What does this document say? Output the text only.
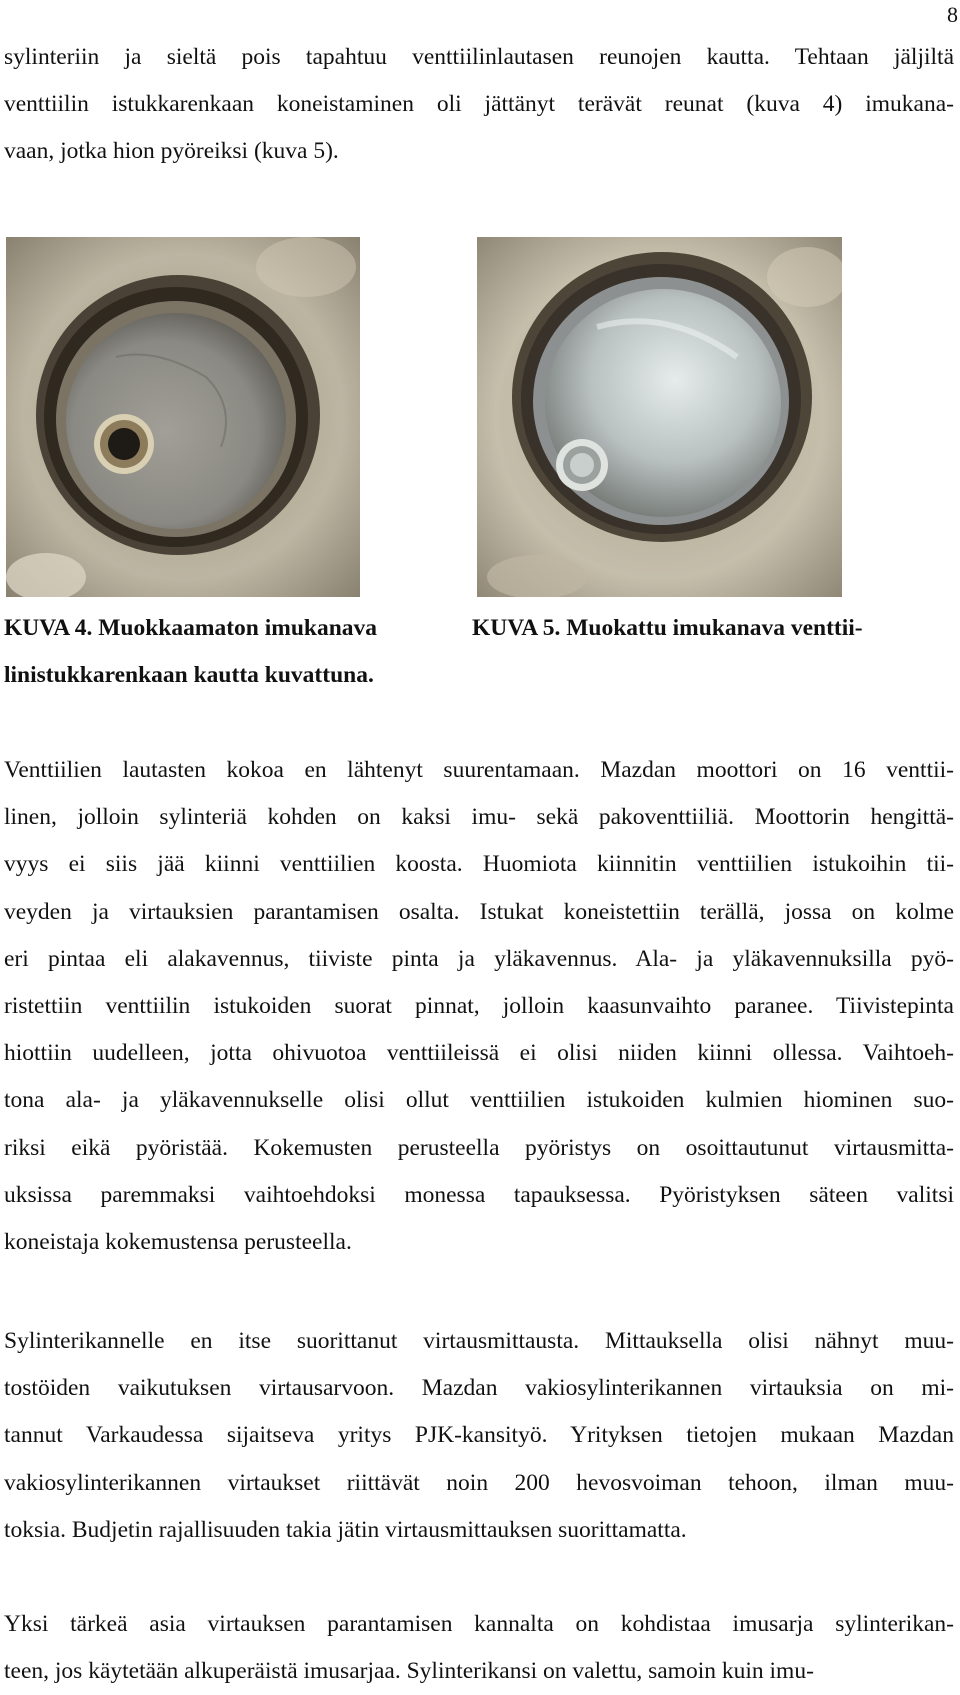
8
sylinteriin ja sieltä pois tapahtuu venttiilinlautasen reunojen kautta. Tehtaan jäljiltä
venttiilin istukkarenkaan koneistaminen oli jättänyt terävät reunat (kuva 4) imukana-
vaan, jotka hion pyöreiksi (kuva 5).
KUVA 4. Muokkaamaton imukanava	KUVA 5. Muokattu imukanava venttii-
linistukkarenkaan kautta kuvattuna.
Venttiilien lautasten kokoa en lähtenyt suurentamaan. Mazdan moottori on 16 venttii-
linen, jolloin sylinteriä kohden on kaksi imu- sekä pakoventtiiliä. Moottorin hengittä-
vyys ei siis jää kiinni venttiilien koosta. Huomiota kiinnitin venttiilien istukoihin tii-
veyden ja virtauksien parantamisen osalta. Istukat koneistettiin terällä, jossa on kolme
eri pintaa eli alakavennus, tiiviste pinta ja yläkavennus. Ala- ja yläkavennuksilla pyö-
ristettiin venttiilin istukoiden suorat pinnat, jolloin kaasunvaihto paranee. Tiivistepinta
hiottiin uudelleen, jotta ohivuotoa venttiileissä ei olisi niiden kiinni ollessa. Vaihtoeh-
tona ala- ja yläkavennukselle olisi ollut venttiilien istukoiden kulmien hiominen suo-
riksi eikä pyöristää. Kokemusten perusteella pyöristys on osoittautunut virtausmitta-
uksissa paremmaksi vaihtoehdoksi monessa tapauksessa. Pyöristyksen säteen valitsi
koneistaja kokemustensa perusteella.
Sylinterikannelle en itse suorittanut virtausmittausta. Mittauksella olisi nähnyt muu-
tostöiden vaikutuksen virtausarvoon. Mazdan vakiosylinterikannen virtauksia on mi-
tannut Varkaudessa sijaitseva yritys PJK-kansityö. Yrityksen tietojen mukaan Mazdan
vakiosylinterikannen virtaukset riittävät noin 200 hevosvoiman tehoon, ilman muu-
toksia. Budjetin rajallisuuden takia jätin virtausmittauksen suorittamatta.
Yksi tärkeä asia virtauksen parantamisen kannalta on kohdistaa imusarja sylinterikan-
teen, jos käytetään alkuperäistä imusarjaa. Sylinterikansi on valettu, samoin kuin imu-
